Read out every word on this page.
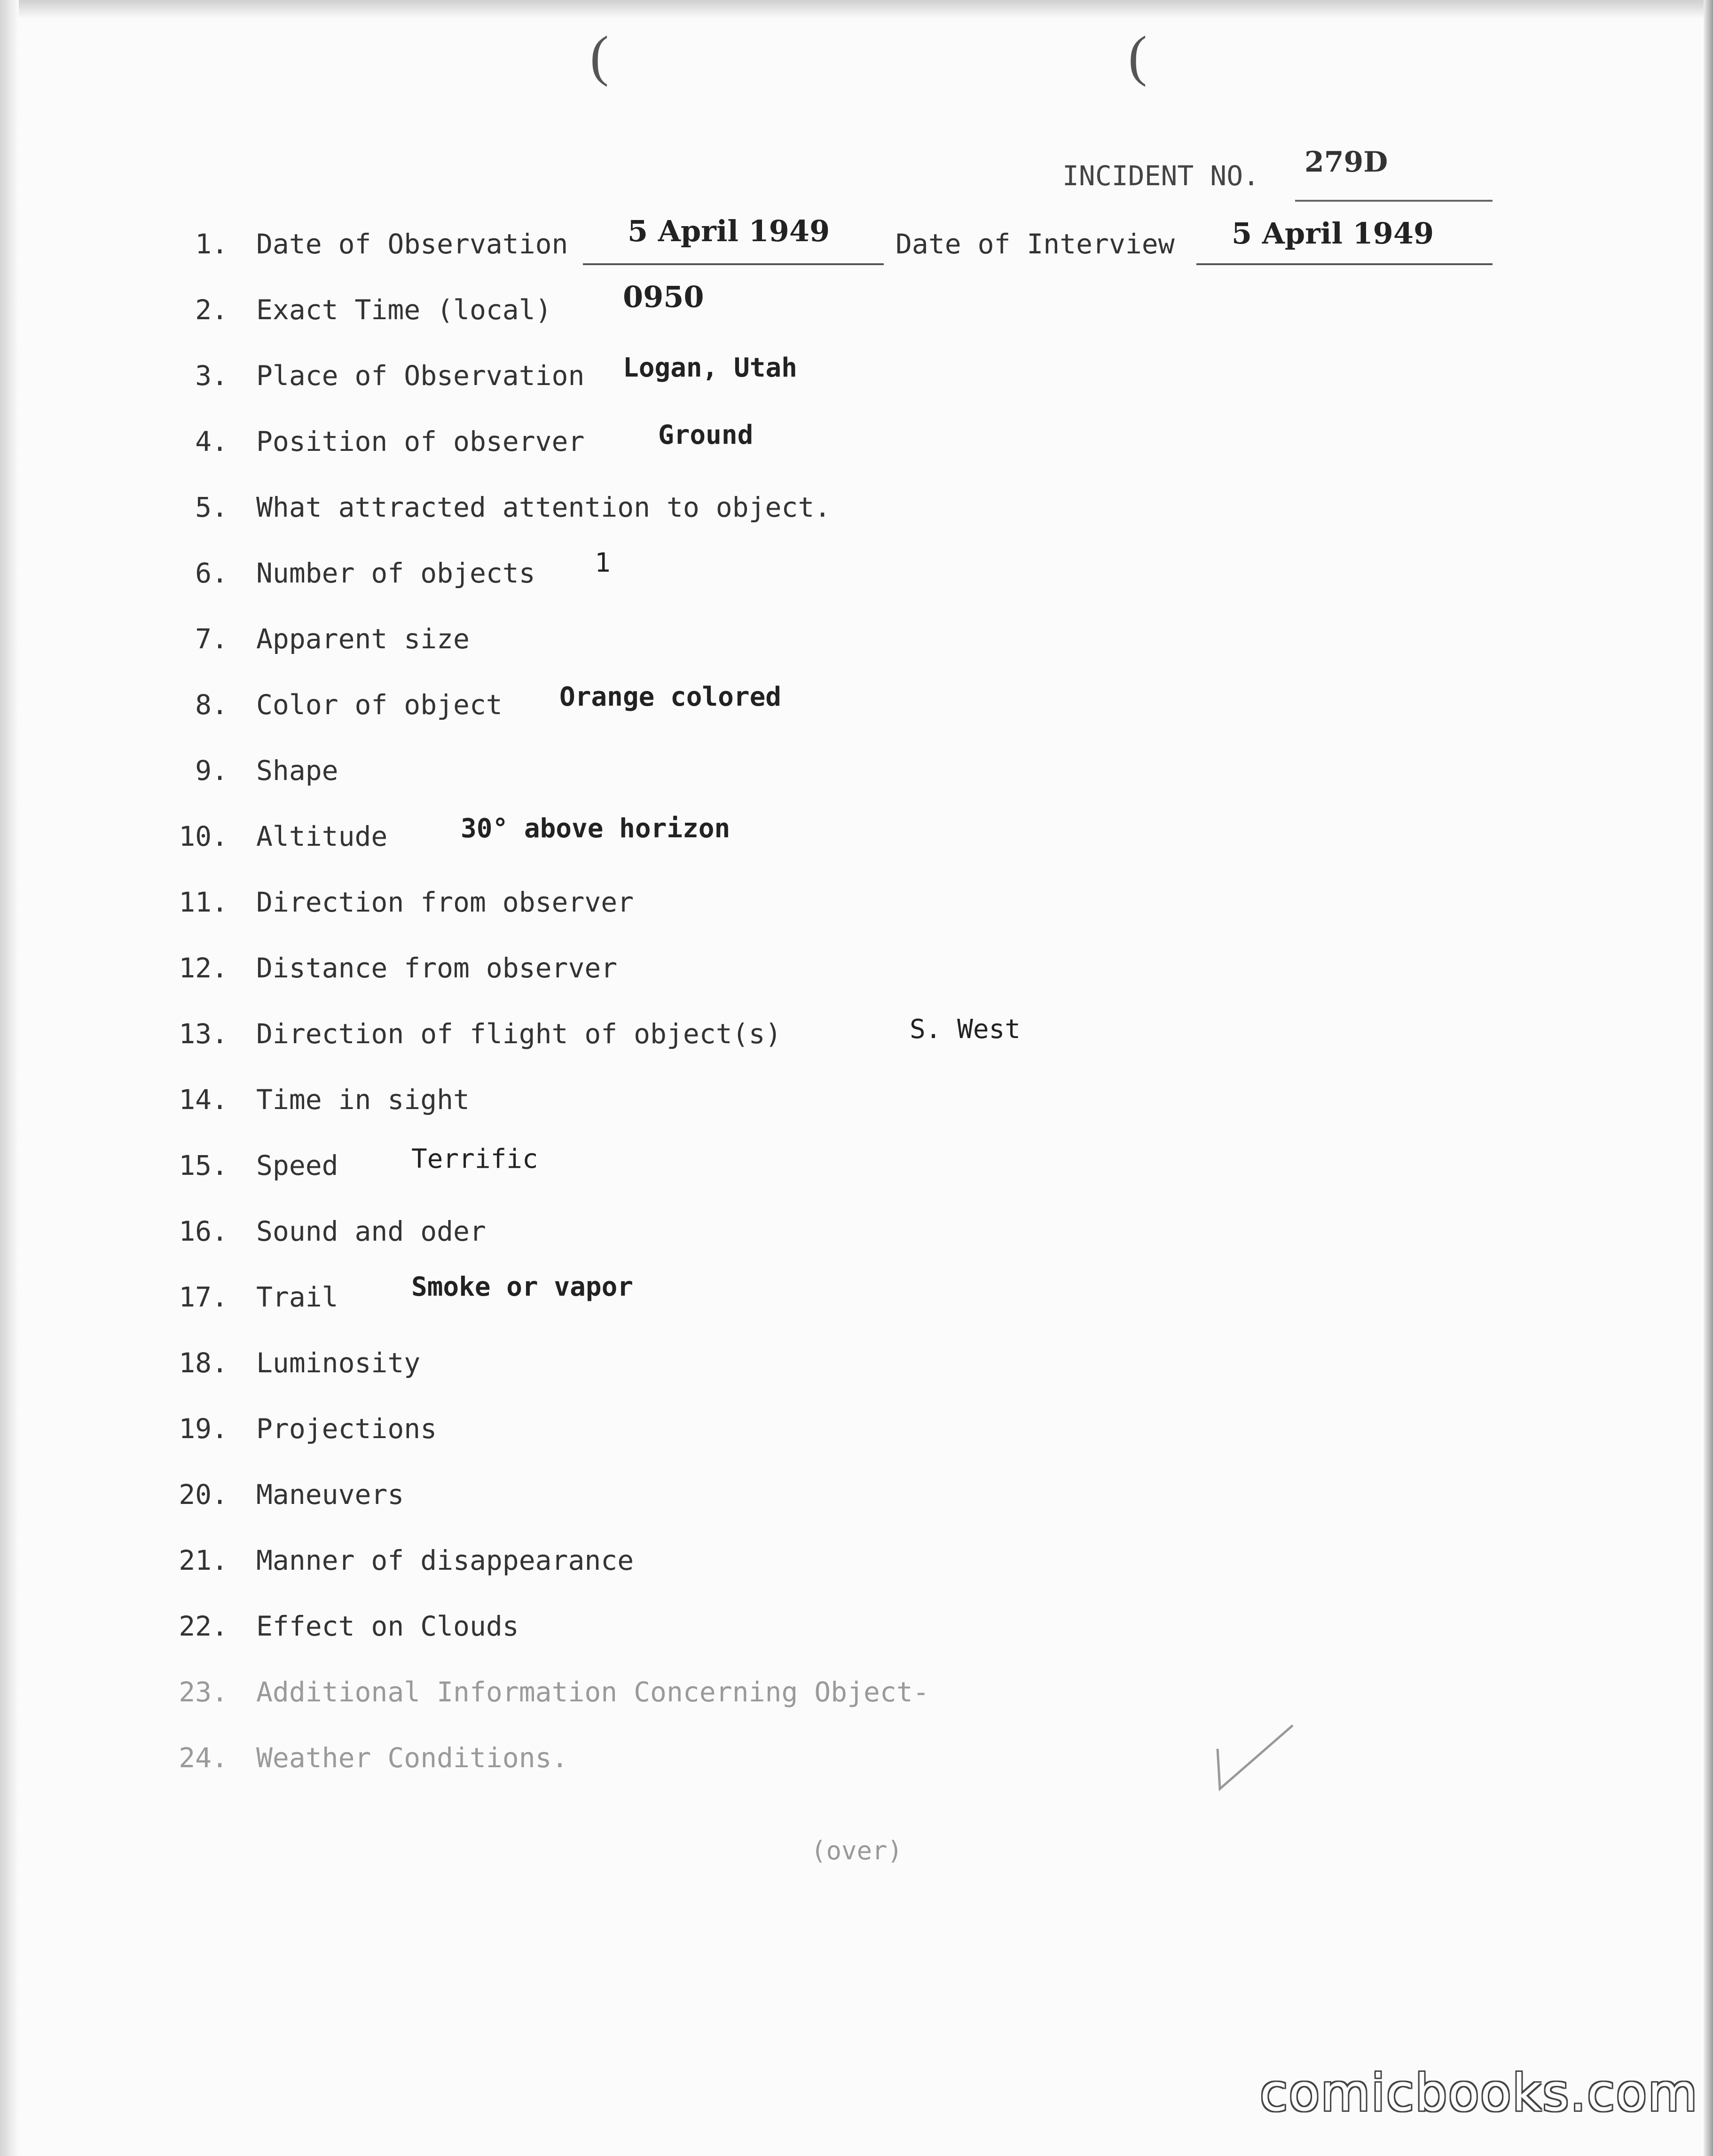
(	(
INCIDENT NO. 279D
1. Date of Observation 5 April 1949 Date of Interview 5 April 1949
2. Exact Time (local) 0950
3. Place of Observation Logan, Utah
4. Position of observer	Ground
5. What attracted attention to object.
6. Number of objects 1
7. Apparent size
8. Color of object Orange colored
9. Shape
10. Altitude	30° above horizon
11. Direction from observer
12. Distance from observer
13. Direction of flight of object(s)	S. West
14. Time in sight
15. Speed	Terrific
16. Sound and oder
17. Trail	Smoke or vapor
18. Luminosity
19. Projections
20. Maneuvers
21. Manner of disappearance
22. Effect on Clouds
23. Additional Information Concerning Object-
24. Weather Conditions.
(over)
comicbooks.com
